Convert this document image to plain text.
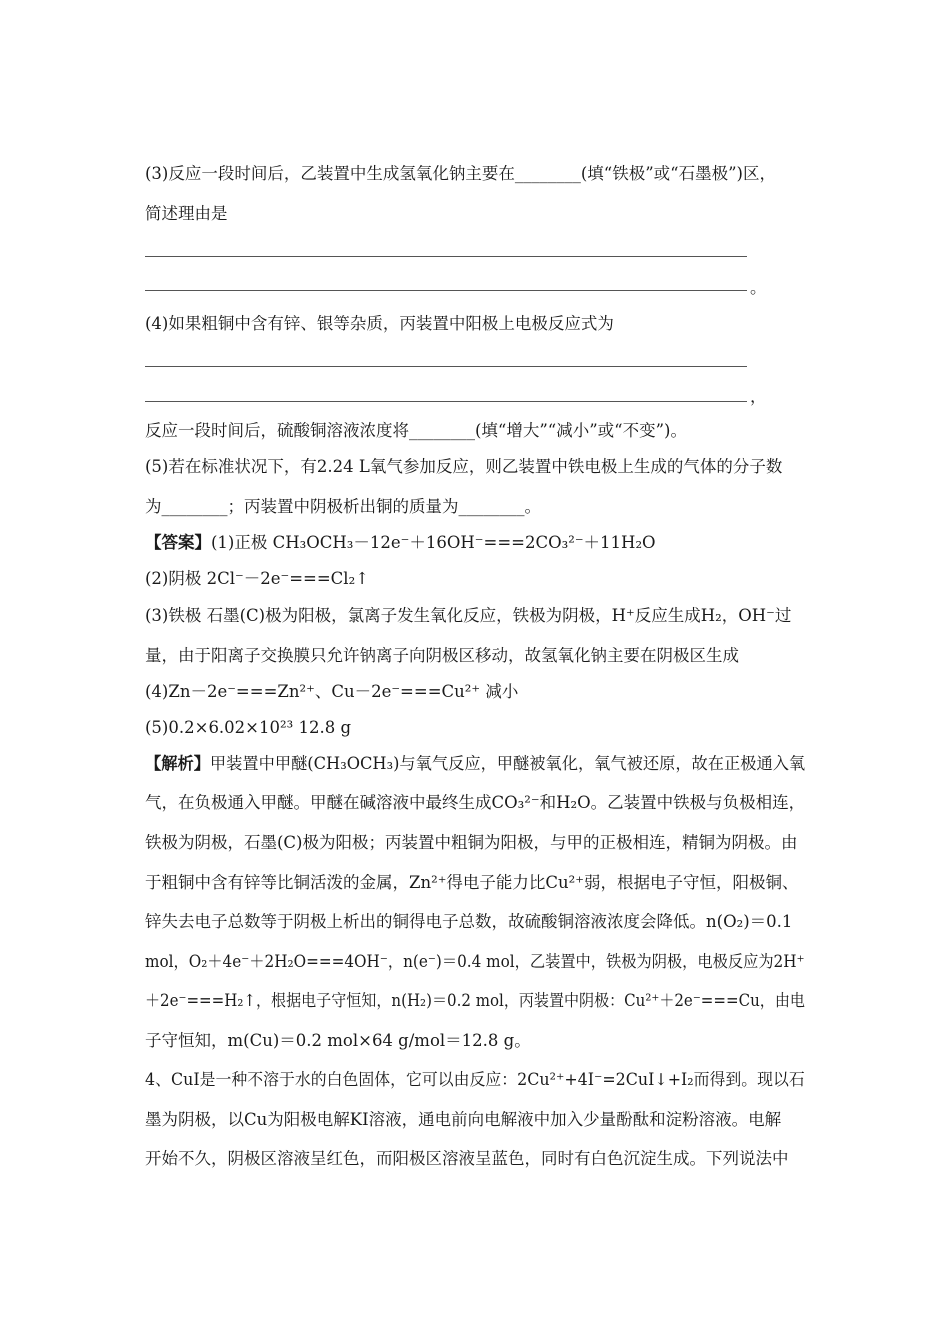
(3)反应一段时间后，乙装置中生成氢氧化钠主要在________(填“铁极”或“石墨极”)区，
简述理由是
。
(4)如果粗铜中含有锌、银等杂质，丙装置中阳极上电极反应式为
，
反应一段时间后，硫酸铜溶液浓度将________(填“增大”“减小”或“不变”)。
(5)若在标准状况下，有2.24 L氧气参加反应，则乙装置中铁电极上生成的气体的分子数
为________；丙装置中阴极析出铜的质量为________。
【答案】(1)正极 CH₃OCH₃－12e⁻＋16OH⁻===2CO₃²⁻＋11H₂O
(2)阴极 2Cl⁻－2e⁻===Cl₂↑
(3)铁极 石墨(C)极为阳极，氯离子发生氧化反应，铁极为阴极，H⁺反应生成H₂，OH⁻过
量，由于阳离子交换膜只允许钠离子向阴极区移动，故氢氧化钠主要在阴极区生成
(4)Zn－2e⁻===Zn²⁺、Cu－2e⁻===Cu²⁺ 减小
(5)0.2×6.02×10²³ 12.8 g
【解析】甲装置中甲醚(CH₃OCH₃)与氧气反应，甲醚被氧化，氧气被还原，故在正极通入氧
气，在负极通入甲醚。甲醚在碱溶液中最终生成CO₃²⁻和H₂O。乙装置中铁极与负极相连，
铁极为阴极，石墨(C)极为阳极；丙装置中粗铜为阳极，与甲的正极相连，精铜为阴极。由
于粗铜中含有锌等比铜活泼的金属，Zn²⁺得电子能力比Cu²⁺弱，根据电子守恒，阳极铜、
锌失去电子总数等于阴极上析出的铜得电子总数，故硫酸铜溶液浓度会降低。n(O₂)＝0.1
mol，O₂＋4e⁻＋2H₂O===4OH⁻，n(e⁻)＝0.4 mol，乙装置中，铁极为阴极，电极反应为2H⁺
＋2e⁻===H₂↑，根据电子守恒知，n(H₂)＝0.2 mol，丙装置中阴极：Cu²⁺＋2e⁻===Cu，由电
子守恒知，m(Cu)＝0.2 mol×64 g/mol＝12.8 g。
4、CuI是一种不溶于水的白色固体，它可以由反应：2Cu²⁺+4I⁻=2CuI↓+I₂而得到。现以石
墨为阴极，以Cu为阳极电解KI溶液，通电前向电解液中加入少量酚酞和淀粉溶液。电解
开始不久，阴极区溶液呈红色，而阳极区溶液呈蓝色，同时有白色沉淀生成。下列说法中
